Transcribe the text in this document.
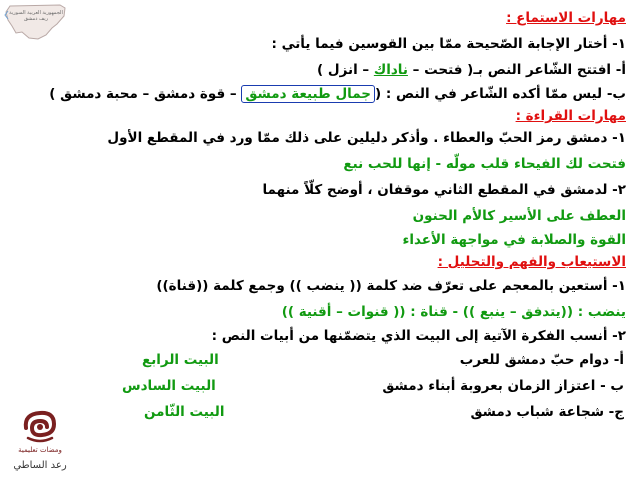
الجمهورية العربية السورية
ريف دمشق	مهارات الاستماع :
١- أختار الإجابة الصّحيحة ممّا بين القوسين فيما يأتي :
أ- افتتح الشّاعر النص بـ( فتحت – ناداك – انزل )
ب- ليس ممّا أكده الشّاعر في النص : (جمال طبيعة دمشق – قوة دمشق – محبة دمشق )
مهارات القراءة :
١- دمشق رمز الحبّ والعطاء . وأذكر دليلين على ذلك ممّا ورد في المقطع الأول
فتحت لك الفيحاء قلب مولّه - إنها للحب نبع
٢- لدمشق في المقطع الثاني موقفان ، أوضح كلّاً منهما
العطف على الأسير كالأم الحنون
القوة والصلابة في مواجهة الأعداء
الاستيعاب والفهم والتحليل :
١- أستعين بالمعجم على تعرّف ضد كلمة (( ينضب )) وجمع كلمة ((قناة))
ينضب : ((يتدفق – ينبع )) - قناة : (( قنوات – أقنية ))
٢- أنسب الفكرة الآتية إلى البيت الذي يتضمّنها من أبيات النص :
أ- دوام حبّ دمشق للعرب
البيت الرابع
ب - اعتزاز الزمان بعروبة أبناء دمشق
البيت السادس
ج- شجاعة شباب دمشق
البيت الثّامن
ومضات تعليمية
رعد الساطي
